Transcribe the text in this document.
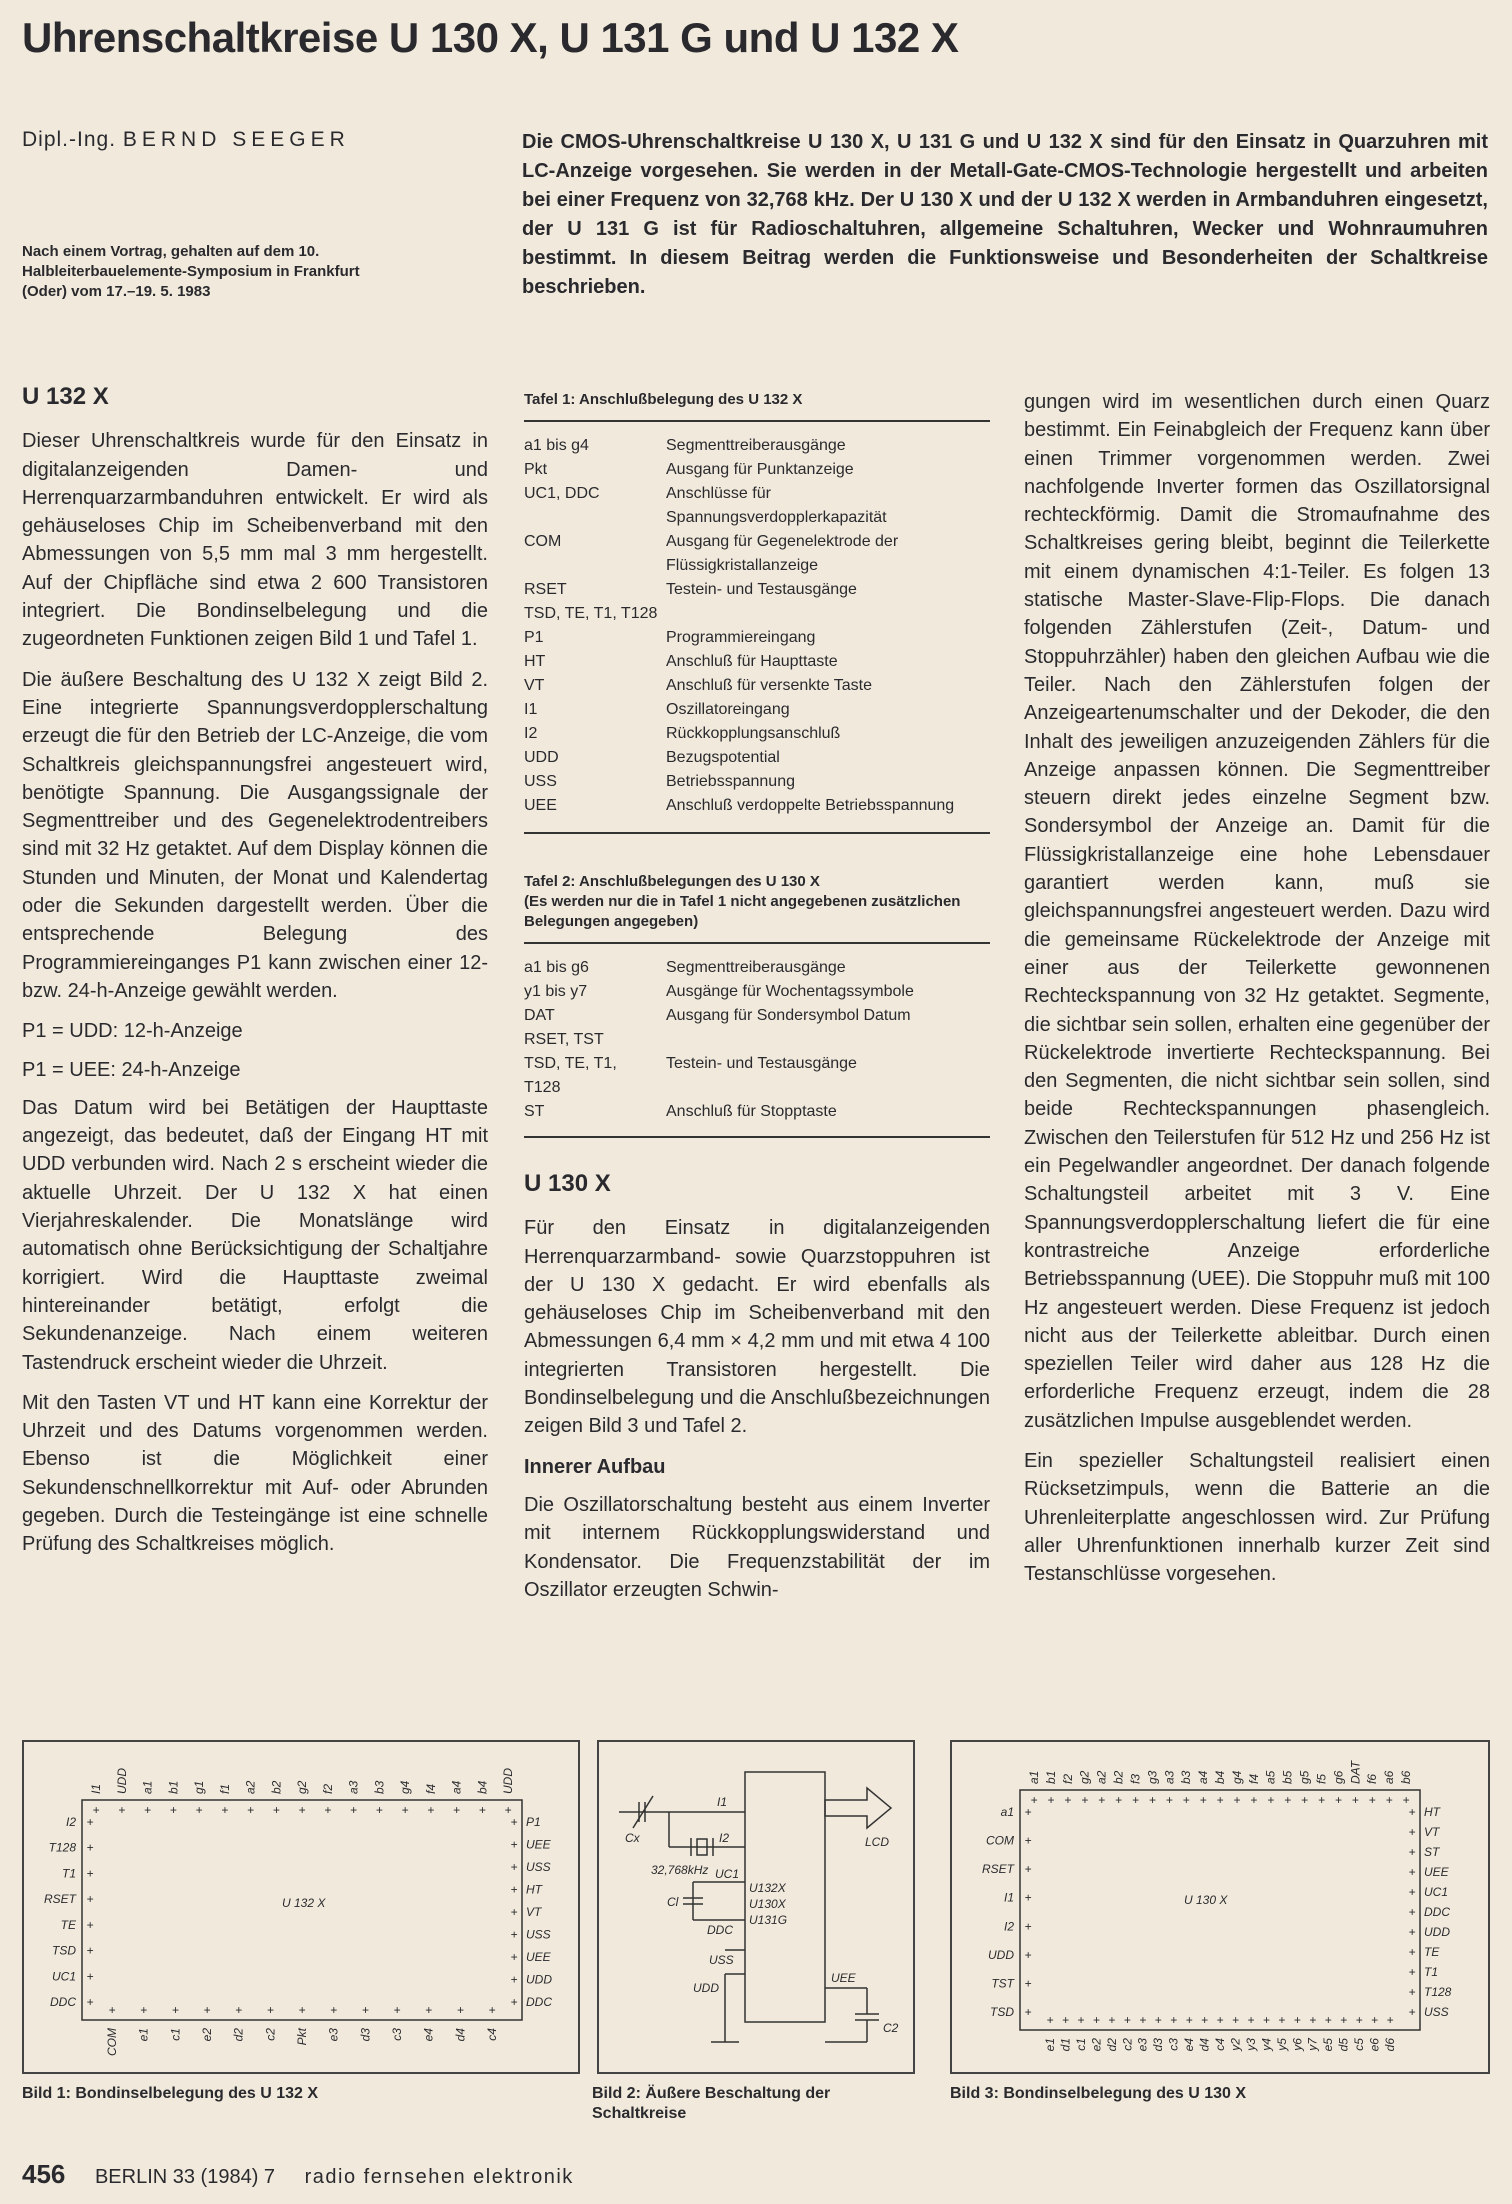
Uhrenschaltkreise U 130 X, U 131 G und U 132 X
Dipl.-Ing. BERND SEEGER
Nach einem Vortrag, gehalten auf dem 10. Halbleiterbauelemente-Symposium in Frankfurt (Oder) vom 17.–19. 5. 1983

Die CMOS-Uhrenschaltkreise U 130 X, U 131 G und U 132 X sind für den Einsatz in Quarzuhren mit LC-Anzeige vorgesehen. Sie werden in der Metall-Gate-CMOS-Technologie hergestellt und arbeiten bei einer Frequenz von 32,768 kHz. Der U 130 X und der U 132 X werden in Armbanduhren eingesetzt, der U 131 G ist für Radioschaltuhren, allgemeine Schaltuhren, Wecker und Wohnraumuhren bestimmt. In diesem Beitrag werden die Funktionsweise und Besonderheiten der Schaltkreise beschrieben.

U 132 X

Dieser Uhrenschaltkreis wurde für den Einsatz in digitalanzeigenden Damen- und Herrenquarzarmbanduhren entwickelt. Er wird als gehäuseloses Chip im Scheibenverband mit den Abmessungen von 5,5 mm mal 3 mm hergestellt. Auf der Chipfläche sind etwa 2 600 Transistoren integriert. Die Bondinselbelegung und die zugeordneten Funktionen zeigen Bild 1 und Tafel 1.

Die äußere Beschaltung des U 132 X zeigt Bild 2. Eine integrierte Spannungsverdopplerschaltung erzeugt die für den Betrieb der LC-Anzeige, die vom Schaltkreis gleichspannungsfrei angesteuert wird, benötigte Spannung. Die Ausgangssignale der Segmenttreiber und des Gegenelektrodentreibers sind mit 32 Hz getaktet. Auf dem Display können die Stunden und Minuten, der Monat und Kalendertag oder die Sekunden dargestellt werden. Über die entsprechende Belegung des Programmiereinganges P1 kann zwischen einer 12- bzw. 24-h-Anzeige gewählt werden.

P1 = UDD: 12-h-Anzeige

P1 = UEE: 24-h-Anzeige

Das Datum wird bei Betätigen der Haupttaste angezeigt, das bedeutet, daß der Eingang HT mit UDD verbunden wird. Nach 2 s erscheint wieder die aktuelle Uhrzeit. Der U 132 X hat einen Vierjahreskalender. Die Monatslänge wird automatisch ohne Berücksichtigung der Schaltjahre korrigiert. Wird die Haupttaste zweimal hintereinander betätigt, erfolgt die Sekundenanzeige. Nach einem weiteren Tastendruck erscheint wieder die Uhrzeit.

Mit den Tasten VT und HT kann eine Korrektur der Uhrzeit und des Datums vorgenommen werden. Ebenso ist die Möglichkeit einer Sekundenschnellkorrektur mit Auf- oder Abrunden gegeben. Durch die Testeingänge ist eine schnelle Prüfung des Schaltkreises möglich.

Tafel 1: Anschlußbelegung des U 132 X
a1 bis g4	Segmenttreiberausgänge
Pkt	Ausgang für Punktanzeige
UC1, DDC	Anschlüsse für Spannungsverdopplerkapazität
COM	Ausgang für Gegenelektrode der Flüssigkristallanzeige
RSET	Testein- und Testausgänge
TSD, TE, T1, T128
P1	Programmiereingang
HT	Anschluß für Haupttaste
VT	Anschluß für versenkte Taste
I1	Oszillatoreingang
I2	Rückkopplungsanschluß
UDD	Bezugspotential
USS	Betriebsspannung
UEE	Anschluß verdoppelte Betriebsspannung
Tafel 2: Anschlußbelegungen des U 130 X
(Es werden nur die in Tafel 1 nicht angegebenen zusätzlichen Belegungen angegeben)
a1 bis g6	Segmenttreiberausgänge
y1 bis y7	Ausgänge für Wochentagssymbole
DAT	Ausgang für Sondersymbol Datum
RSET, TST
TSD, TE, T1,	Testein- und Testausgänge
T128
ST	Anschluß für Stopptaste
U 130 X

Für den Einsatz in digitalanzeigenden Herrenquarzarmband- sowie Quarzstoppuhren ist der U 130 X gedacht. Er wird ebenfalls als gehäuseloses Chip im Scheibenverband mit den Abmessungen 6,4 mm × 4,2 mm und mit etwa 4 100 integrierten Transistoren hergestellt. Die Bondinselbelegung und die Anschlußbezeichnungen zeigen Bild 3 und Tafel 2.

Innerer Aufbau

Die Oszillatorschaltung besteht aus einem Inverter mit internem Rückkopplungswiderstand und Kondensator. Die Frequenzstabilität der im Oszillator erzeugten Schwin-

gungen wird im wesentlichen durch einen Quarz bestimmt. Ein Feinabgleich der Frequenz kann über einen Trimmer vorgenommen werden. Zwei nachfolgende Inverter formen das Oszillatorsignal rechteckförmig. Damit die Stromaufnahme des Schaltkreises gering bleibt, beginnt die Teilerkette mit einem dynamischen 4:1-Teiler. Es folgen 13 statische Master-Slave-Flip-Flops. Die danach folgenden Zählerstufen (Zeit-, Datum- und Stoppuhrzähler) haben den gleichen Aufbau wie die Teiler. Nach den Zählerstufen folgen der Anzeigeartenumschalter und der Dekoder, die den Inhalt des jeweiligen anzuzeigenden Zählers für die Anzeige anpassen können. Die Segmenttreiber steuern direkt jedes einzelne Segment bzw. Sondersymbol der Anzeige an. Damit für die Flüssigkristallanzeige eine hohe Lebensdauer garantiert werden kann, muß sie gleichspannungsfrei angesteuert werden. Dazu wird die gemeinsame Rückelektrode der Anzeige mit einer aus der Teilerkette gewonnenen Rechteckspannung von 32 Hz getaktet. Segmente, die sichtbar sein sollen, erhalten eine gegenüber der Rückelektrode invertierte Rechteckspannung. Bei den Segmenten, die nicht sichtbar sein sollen, sind beide Rechteckspannungen phasengleich. Zwischen den Teilerstufen für 512 Hz und 256 Hz ist ein Pegelwandler angeordnet. Der danach folgende Schaltungsteil arbeitet mit 3 V. Eine Spannungsverdopplerschaltung liefert die für eine kontrastreiche Anzeige erforderliche Betriebsspannung (UEE). Die Stoppuhr muß mit 100 Hz angesteuert werden. Diese Frequenz ist jedoch nicht aus der Teilerkette ableitbar. Durch einen speziellen Teiler wird daher aus 128 Hz die erforderliche Frequenz erzeugt, indem die 28 zusätzlichen Impulse ausgeblendet werden.

Ein spezieller Schaltungsteil realisiert einen Rücksetzimpuls, wenn die Batterie an die Uhrenleiterplatte angeschlossen wird. Zur Prüfung aller Uhrenfunktionen innerhalb kurzer Zeit sind Testanschlüsse vorgesehen.

U 132 X
I1
+
UDD
+
a1
+
b1
+
g1
+
f1
+
a2
+
b2
+
g2
+
f2
+
a3
+
b3
+
g4
+
f4
+
a4
+
b4
+
UDD
+
COM
+
e1
+
c1
+
e2
+
d2
+
c2
+
Pkt
+
e3
+
d3
+
c3
+
e4
+
d4
+
c4
+
I2 +
T128 +
T1 +
RSET +
TE +
TSD +
UC1 +
DDC +
P1
+
UEE
+
USS
+
HT
+
VT
+
USS
+
UEE
+
UDD
+
DDC
+
Bild 1: Bondinselbelegung des U 132 X
Cx
32,768kHz
Cl
U132X
U130X
U131G
LCD
I1
I2
UC1
DDC
USS
UDD
UEE
C2
Bild 2: Äußere Beschaltung der Schaltkreise
U 130 X
a1
+
b1
+
f2
+
g2
+
a2
+
b2
+
f3
+
g3
+
a3
+
b3
+
a4
+
b4
+
g4
+
f4
+
a5
+
b5
+
g5
+
f5
+
g6
+
DAT
+
f6
+
a6
+
b6
+
e1
+
d1
+
c1
+
e2
+
d2
+
c2
+
e3
+
d3
+
c3
+
e4
+
d4
+
c4
+
y2
+
y3
+
y4
+
y5
+
y6
+
y7
+
e5
+
d5
+
c5
+
e6
+
d6
+
a1 +
COM +
RSET +
I1 +
I2 +
UDD +
TST +
TSD +
HT
+
VT
+
ST
+
UEE
+
UC1
+
DDC
+
UDD
+
TE
+
T1
+
T128
+
USS
+
Bild 3: Bondinselbelegung des U 130 X
456 BERLIN 33 (1984) 7 radio fernsehen elektronik
